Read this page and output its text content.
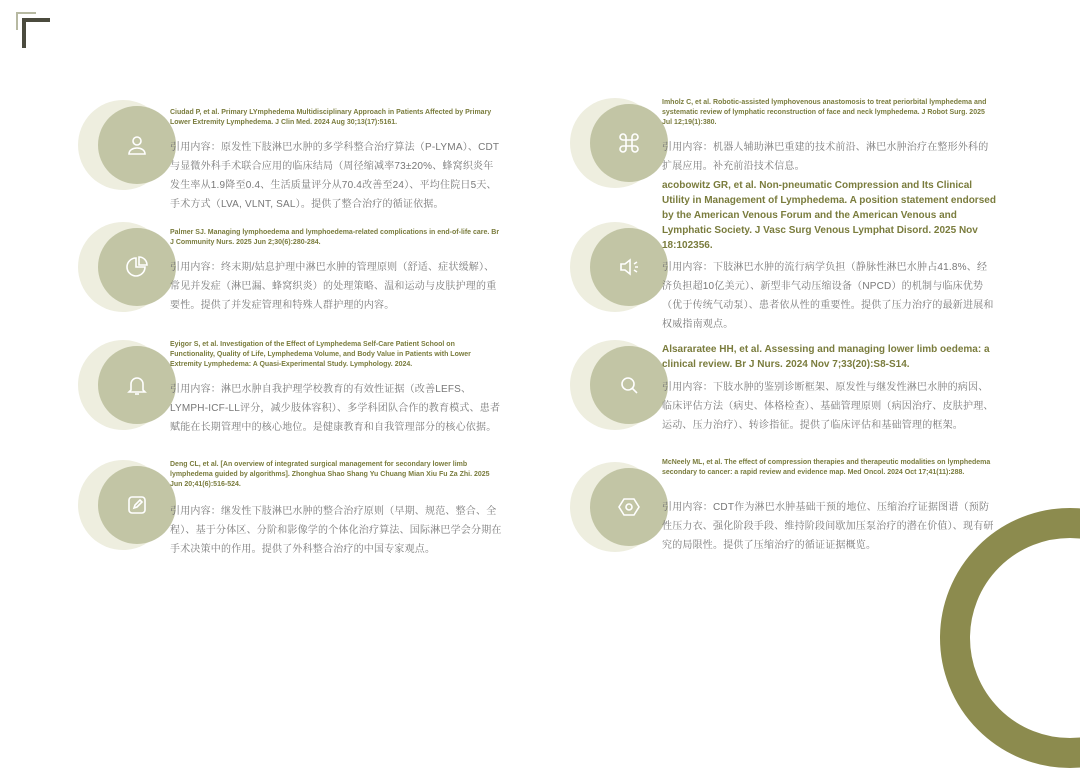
Ciudad P, et al. Primary LYmphedema Multidisciplinary Approach in Patients Affected by Primary Lower Extremity Lymphedema. J Clin Med. 2024 Aug 30;13(17):5161.
引用内容：原发性下肢淋巴水肿的多学科整合治疗算法（P-LYMA）、CDT与显微外科手术联合应用的临床结局（周径缩减率73±20%、蜂窝织炎年发生率从1.9降至0.4、生活质量评分从70.4改善至24）、平均住院日5天、手术方式（LVA, VLNT, SAL）。提供了整合治疗的循证依据。
Palmer SJ. Managing lymphoedema and lymphoedema-related complications in end-of-life care. Br J Community Nurs. 2025 Jun 2;30(6):280-284.
引用内容：终末期/姑息护理中淋巴水肿的管理原则（舒适、症状缓解）、常见并发症（淋巴漏、蜂窝织炎）的处理策略、温和运动与皮肤护理的重要性。提供了并发症管理和特殊人群护理的内容。
Eyigor S, et al. Investigation of the Effect of Lymphedema Self-Care Patient School on Functionality, Quality of Life, Lymphedema Volume, and Body Value in Patients with Lower Extremity Lymphedema: A Quasi-Experimental Study. Lymphology. 2024.
引用内容：淋巴水肿自我护理学校教育的有效性证据（改善LEFS、LYMPH-ICF-LL评分，减少肢体容积）、多学科团队合作的教育模式、患者赋能在长期管理中的核心地位。是健康教育和自我管理部分的核心依据。
Deng CL, et al. [An overview of integrated surgical management for secondary lower limb lymphedema guided by algorithms]. Zhonghua Shao Shang Yu Chuang Mian Xiu Fu Za Zhi. 2025 Jun 20;41(6):516-524.
引用内容：继发性下肢淋巴水肿的整合治疗原则（早期、规范、整合、全程）、基于分体区、分阶和影像学的个体化治疗算法、国际淋巴学会分期在手术决策中的作用。提供了外科整合治疗的中国专家观点。
Imholz C, et al. Robotic-assisted lymphovenous anastomosis to treat periorbital lymphedema and systematic review of lymphatic reconstruction of face and neck lymphedema. J Robot Surg. 2025 Jul 12;19(1):380.
引用内容：机器人辅助淋巴重建的技术前沿、淋巴水肿治疗在整形外科的扩展应用。补充前沿技术信息。
acobowitz GR, et al. Non-pneumatic Compression and Its Clinical Utility in Management of Lymphedema. A position statement endorsed by the American Venous Forum and the American Venous and Lymphatic Society. J Vasc Surg Venous Lymphat Disord. 2025 Nov 18:102356.
引用内容：下肢淋巴水肿的流行病学负担（静脉性淋巴水肿占41.8%、经济负担超10亿美元）、新型非气动压缩设备（NPCD）的机制与临床优势（优于传统气动泵）、患者依从性的重要性。提供了压力治疗的最新进展和权威指南观点。
Alsararatee HH, et al. Assessing and managing lower limb oedema: a clinical review. Br J Nurs. 2024 Nov 7;33(20):S8-S14.
引用内容：下肢水肿的鉴别诊断框架、原发性与继发性淋巴水肿的病因、临床评估方法（病史、体格检查）、基础管理原则（病因治疗、皮肤护理、运动、压力治疗）、转诊指征。提供了临床评估和基础管理的框架。
McNeely ML, et al. The effect of compression therapies and therapeutic modalities on lymphedema secondary to cancer: a rapid review and evidence map. Med Oncol. 2024 Oct 17;41(11):288.
引用内容：CDT作为淋巴水肿基础干预的地位、压缩治疗证据图谱（预防性压力衣、强化阶段手段、维持阶段间歇加压泵治疗的潜在价值）、现有研究的局限性。提供了压缩治疗的循证证据概览。
